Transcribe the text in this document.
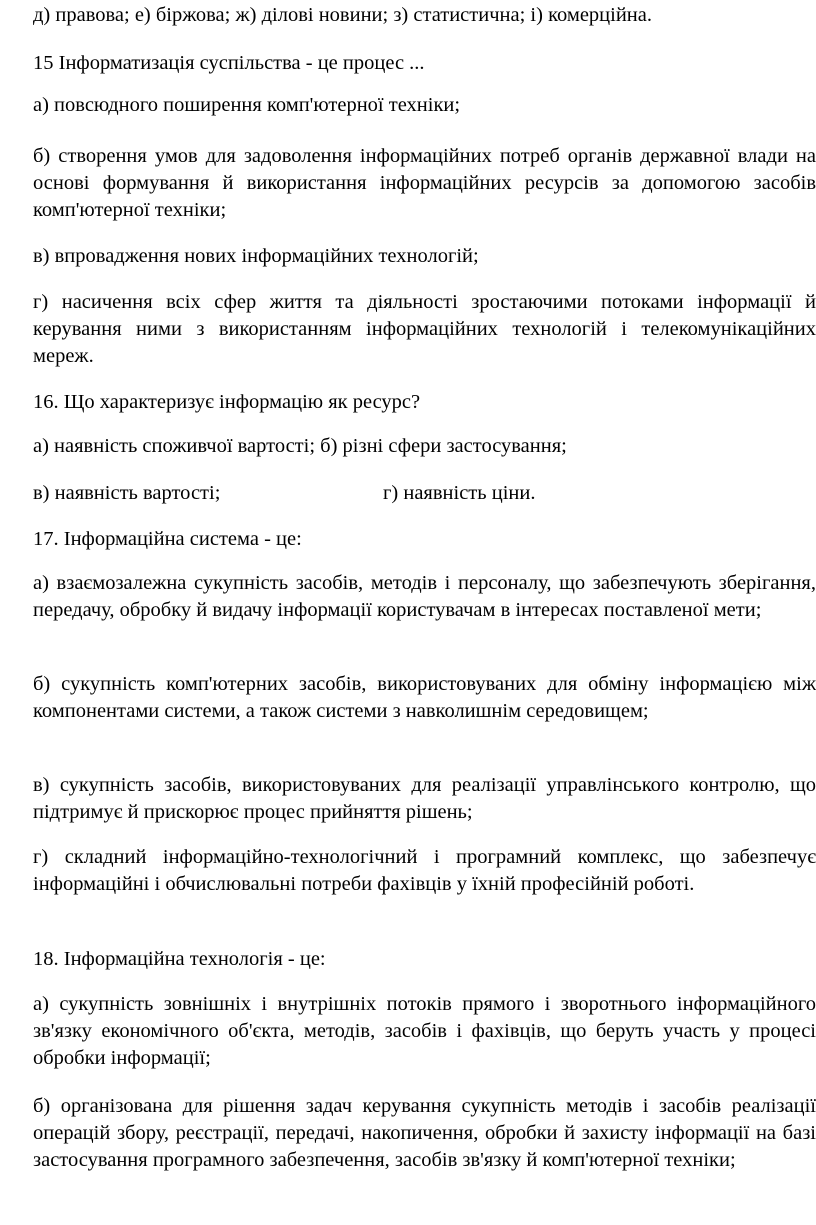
д) правова; е) біржова; ж) ділові новини; з) статистична; і) комерційна.

15 Інформатизація суспільства - це процес ...

а) повсюдного поширення комп'ютерної техніки;

б) створення умов для задоволення інформаційних потреб органів державної влади на основі формування й використання інформаційних ресурсів за допомогою засобів комп'ютерної техніки;

в) впровадження нових інформаційних технологій;

г) насичення всіх сфер життя та діяльності зростаючими потоками інформації й керування ними з використанням інформаційних технологій і телекомунікаційних мереж.

16. Що характеризує інформацію як ресурс?

а) наявність споживчої вартості; б) різні сфери застосування;

в) наявність вартості;	г) наявність ціни.

17. Інформаційна система - це:

а) взаємозалежна сукупність засобів, методів і персоналу, що забезпечують зберігання, передачу, обробку й видачу інформації користувачам в інтересах поставленої мети;

б) сукупність комп'ютерних засобів, використовуваних для обміну інформацією між компонентами системи, а також системи з навколишнім середовищем;

в) сукупність засобів, використовуваних для реалізації управлінського контролю, що підтримує й прискорює процес прийняття рішень;

г) складний інформаційно-технологічний і програмний комплекс, що забезпечує інформаційні і обчислювальні потреби фахівців у їхній професійній роботі.

18. Інформаційна технологія - це:

а) сукупність зовнішніх і внутрішніх потоків прямого і зворотнього інформаційного зв'язку економічного об'єкта, методів, засобів і фахівців, що беруть участь у процесі обробки інформації;

б) організована для рішення задач керування сукупність методів і засобів реалізації операцій збору, реєстрації, передачі, накопичення, обробки й захисту інформації на базі застосування програмного забезпечення, засобів зв'язку й комп'ютерної техніки;
